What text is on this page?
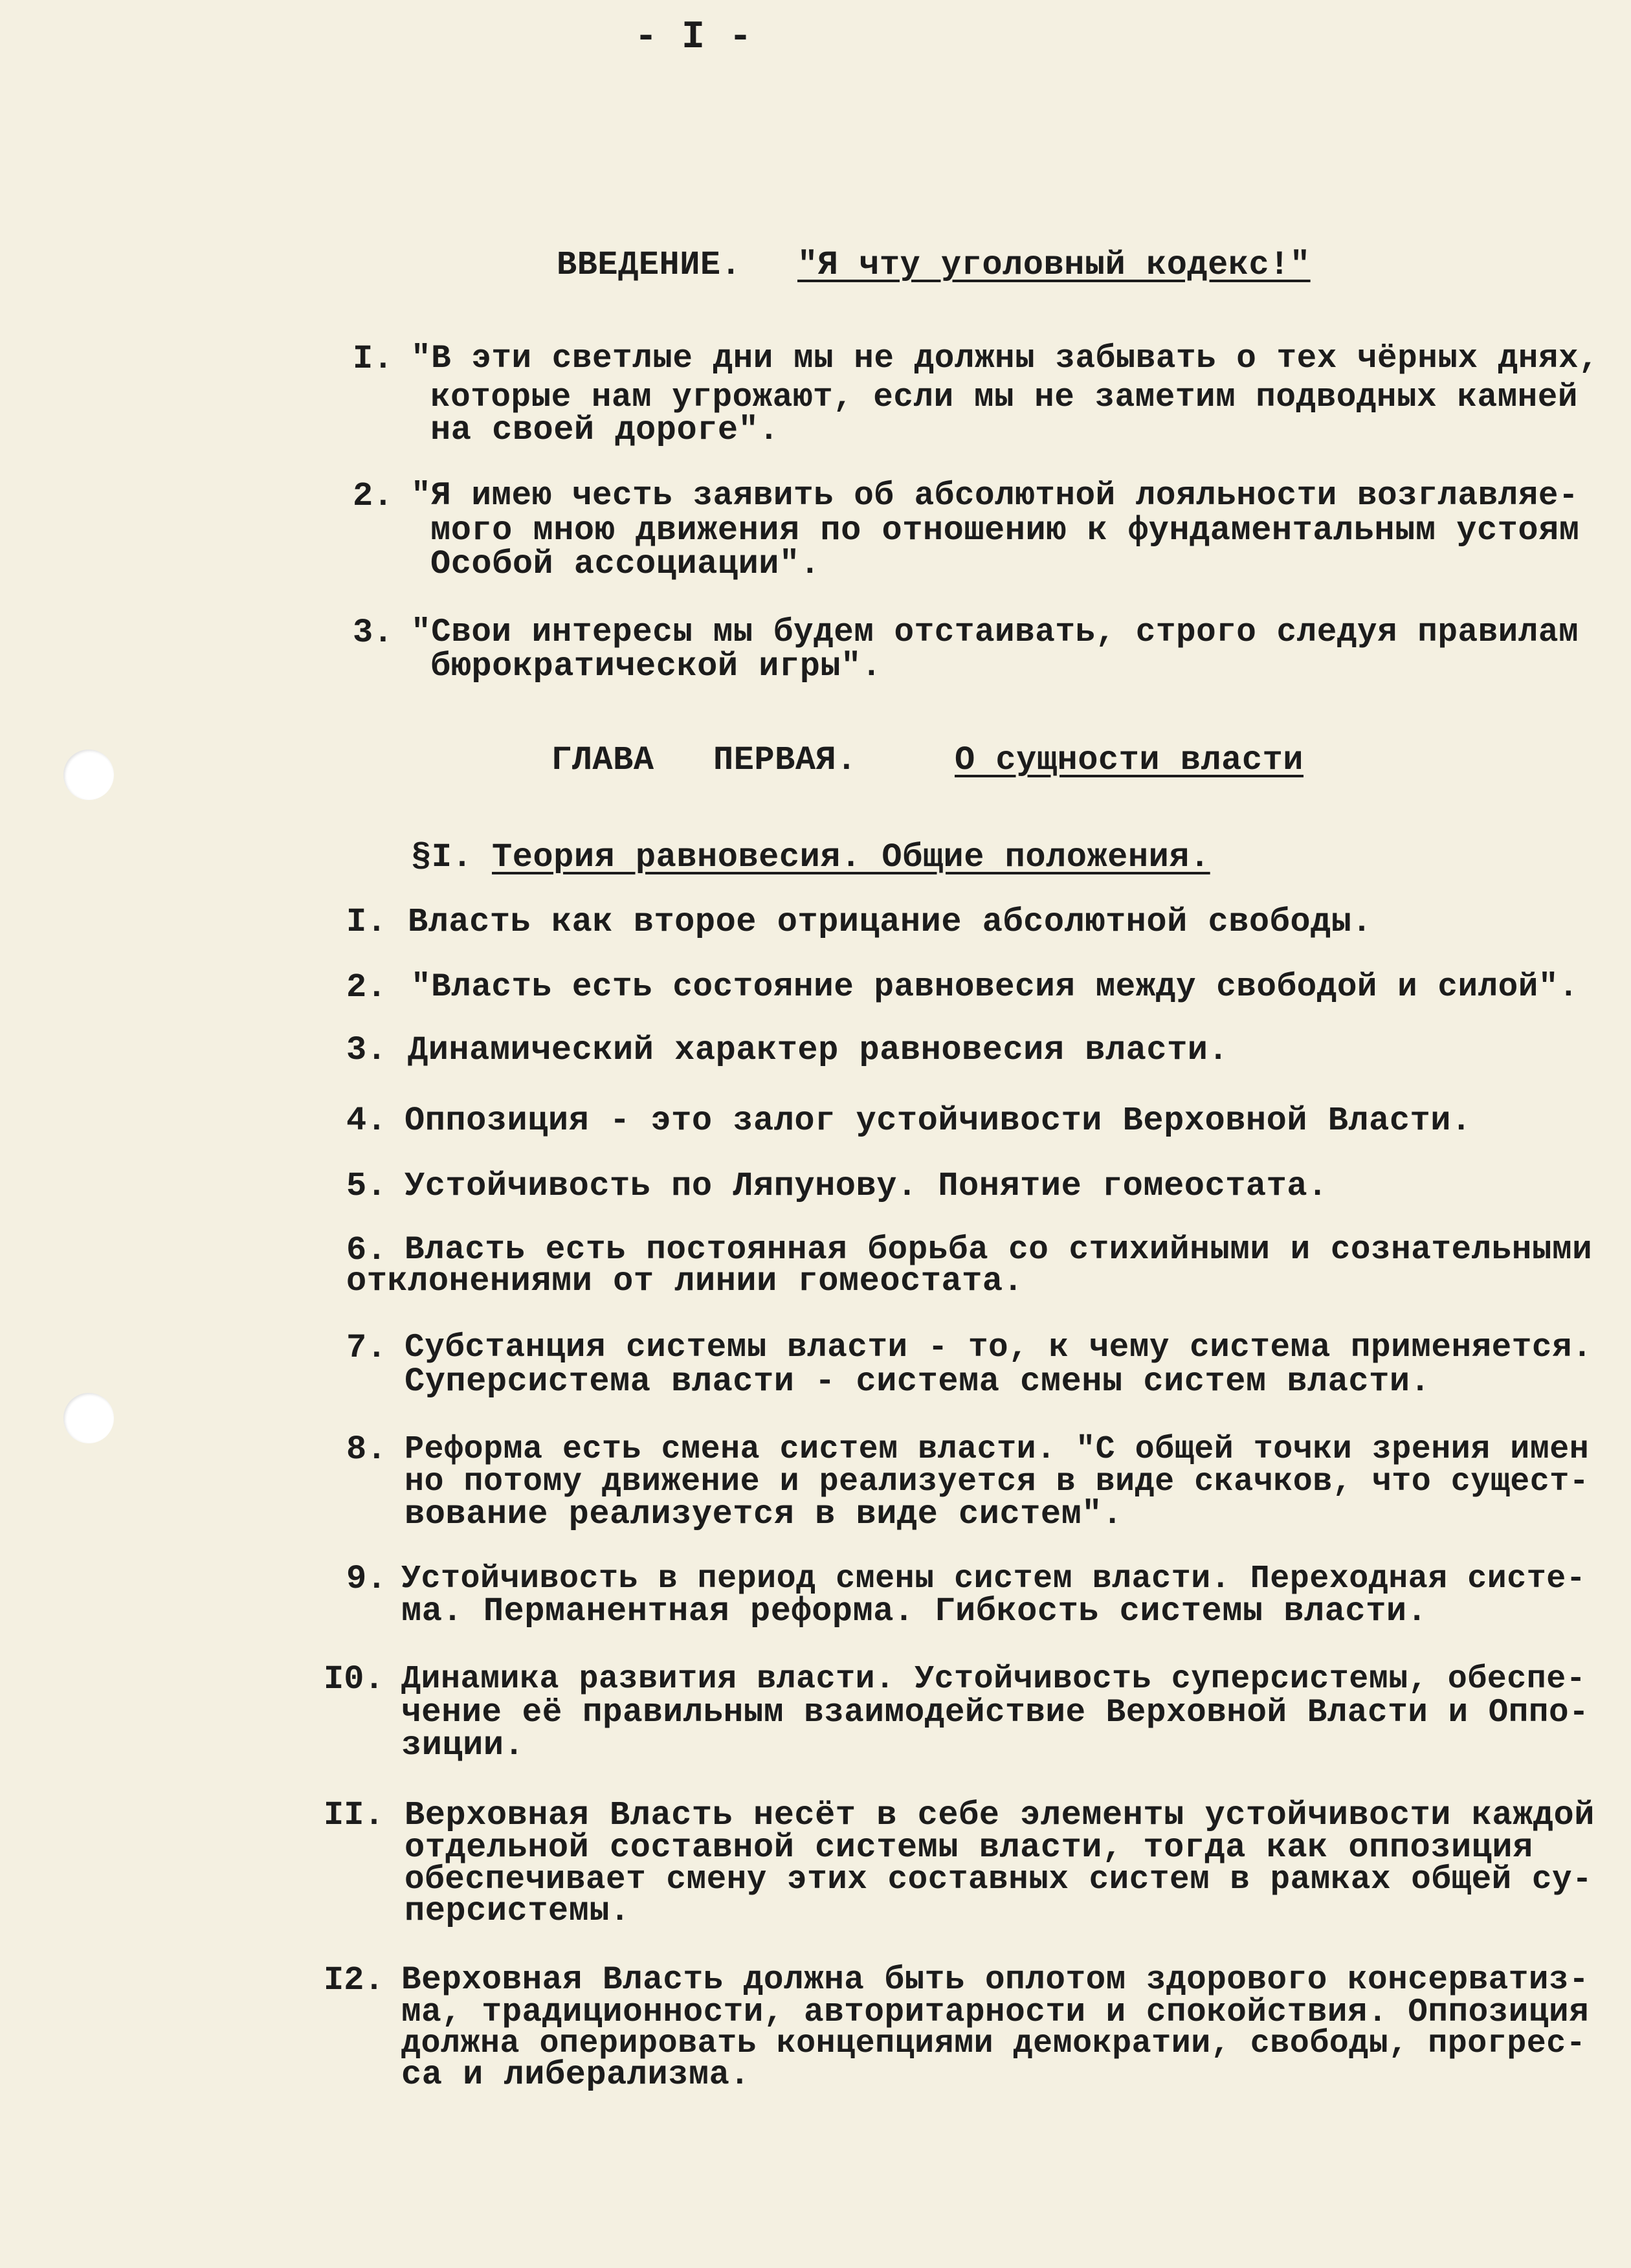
- I -

ВВЕДЕНИЕ. "Я чту уголовный кодекс!"

I. "В эти светлые дни мы не должны забывать о тех чёрных днях,

которые нам угрожают, если мы не заметим подводных камней

на своей дороге".

2. "Я имею честь заявить об абсолютной лояльности возглавляе-

мого мною движения по отношению к фундаментальным устоям

Особой ассоциации".

3. "Свои интересы мы будем отстаивать, строго следуя правилам

бюрократической игры".

ГЛАВА ПЕРВАЯ.	О сущности власти

§I. Теория равновесия. Общие положения.

I. Власть как второе отрицание абсолютной свободы.

2. "Власть есть состояние равновесия между свободой и силой".

3. Динамический характер равновесия власти.

4. Оппозиция - это залог устойчивости Верховной Власти.

5. Устойчивость по Ляпунову. Понятие гомеостата.

6. Власть есть постоянная борьба со стихийными и сознательными

отклонениями от линии гомеостата.

7. Субстанция системы власти - то, к чему система применяется.

Суперсистема власти - система смены систем власти.

8. Реформа есть смена систем власти. "С общей точки зрения имен

но потому движение и реализуется в виде скачков, что сущест-

вование реализуется в виде систем".

9. Устойчивость в период смены систем власти. Переходная систе-

ма. Перманентная реформа. Гибкость системы власти.

I0. Динамика развития власти. Устойчивость суперсистемы, обеспе-

чение её правильным взаимодействие Верховной Власти и Оппо-

зиции.

II. Верховная Власть несёт в себе элементы устойчивости каждой

отдельной составной системы власти, тогда как оппозиция

обеспечивает смену этих составных систем в рамках общей су-

персистемы.

I2. Верховная Власть должна быть оплотом здорового консерватиз-

ма, традиционности, авторитарности и спокойствия. Оппозиция

должна оперировать концепциями демократии, свободы, прогрес-

са и либерализма.
